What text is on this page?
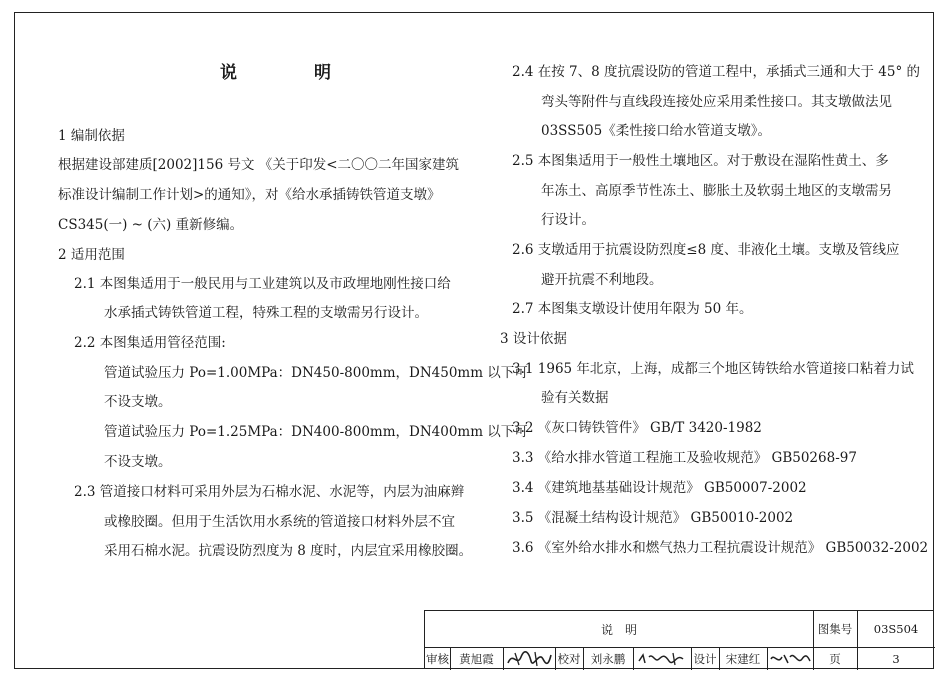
说　明
1 编制依据
根据建设部建质[2002]156 号文 《关于印发<二〇〇二年国家建筑
标准设计编制工作计划>的通知》，对《给水承插铸铁管道支墩》
CS345(一) ~ (六) 重新修编。
2 适用范围
2.1 本图集适用于一般民用与工业建筑以及市政埋地刚性接口给
水承插式铸铁管道工程，特殊工程的支墩需另行设计。
2.2 本图集适用管径范围:
管道试验压力 Po=1.00MPa：DN450-800mm，DN450mm 以下可
不设支墩。
管道试验压力 Po=1.25MPa：DN400-800mm，DN400mm 以下可
不设支墩。
2.3 管道接口材料可采用外层为石棉水泥、水泥等，内层为油麻辫
或橡胶圈。但用于生活饮用水系统的管道接口材料外层不宜
采用石棉水泥。抗震设防烈度为 8 度时，内层宜采用橡胶圈。
2.4 在按 7、8 度抗震设防的管道工程中，承插式三通和大于 45° 的
弯头等附件与直线段连接处应采用柔性接口。其支墩做法见
03SS505《柔性接口给水管道支墩》。
2.5 本图集适用于一般性土壤地区。对于敷设在湿陷性黄土、多
年冻土、高原季节性冻土、膨胀土及软弱土地区的支墩需另
行设计。
2.6 支墩适用于抗震设防烈度≤8 度、非液化土壤。支墩及管线应
避开抗震不利地段。
2.7 本图集支墩设计使用年限为 50 年。
3 设计依据
3.1 1965 年北京，上海，成都三个地区铸铁给水管道接口粘着力试
验有关数据
3.2 《灰口铸铁管件》 GB/T 3420-1982
3.3 《给水排水管道工程施工及验收规范》 GB50268-97
3.4 《建筑地基基础设计规范》 GB50007-2002
3.5 《混凝土结构设计规范》 GB50010-2002
3.6 《室外给水排水和燃气热力工程抗震设计规范》 GB50032-2002
说　明	图集号	03S504
审核 黄旭霞	校对 刘永鹏	设计 宋建红	页	3
